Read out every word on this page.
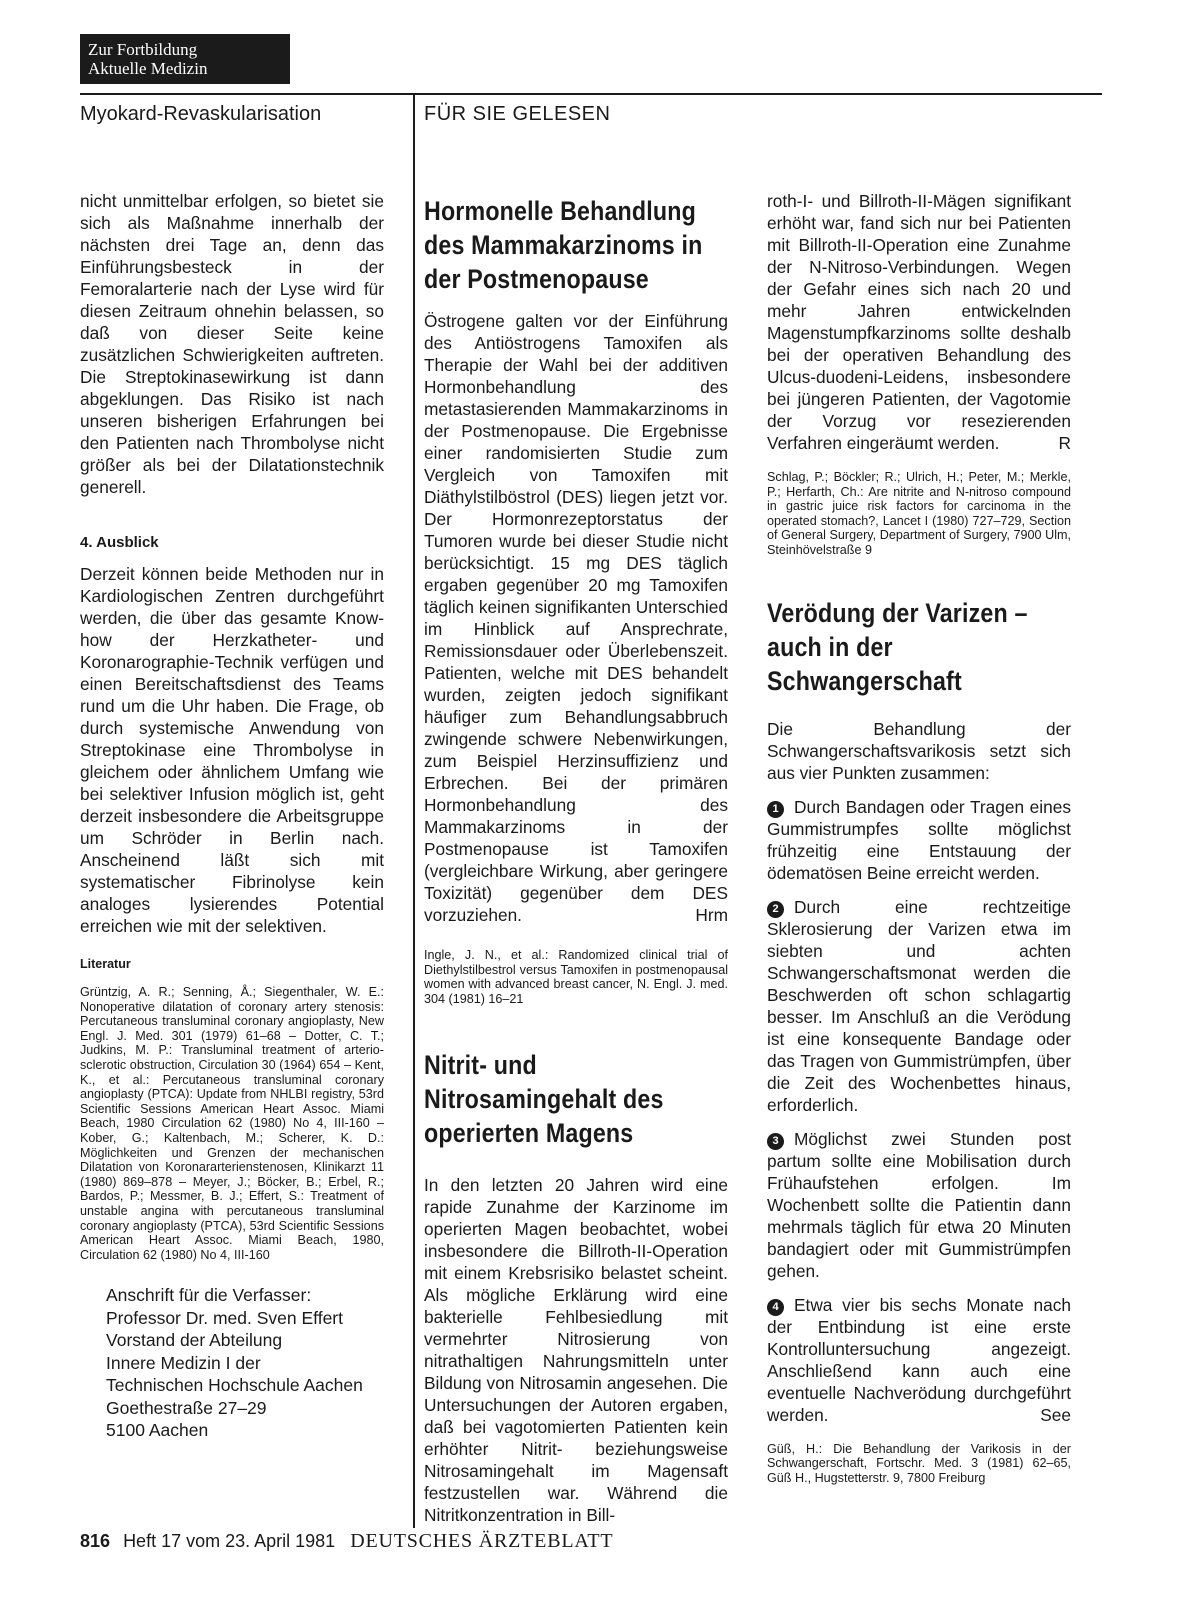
Zur Fortbildung
Aktuelle Medizin
Myokard-Revaskularisation	FÜR SIE GELESEN

nicht unmittelbar erfolgen, so bietet sie sich als Maßnahme innerhalb der nächsten drei Tage an, denn das Einführungsbesteck in der Femoralarterie nach der Lyse wird für diesen Zeitraum ohnehin belassen, so daß von dieser Seite keine zusätzlichen Schwierigkeiten auftreten. Die Streptokinasewirkung ist dann abgeklungen. Das Risiko ist nach unseren bisherigen Erfahrungen bei den Patienten nach Thrombolyse nicht größer als bei der Dilatationstechnik generell.

4. Ausblick

Derzeit können beide Methoden nur in Kardiologischen Zentren durchgeführt werden, die über das gesamte Know-how der Herzkatheter- und Koronarographie-Technik verfügen und einen Bereitschaftsdienst des Teams rund um die Uhr haben. Die Frage, ob durch systemische Anwendung von Streptokinase eine Thrombolyse in gleichem oder ähnlichem Umfang wie bei selektiver Infusion möglich ist, geht derzeit insbesondere die Arbeitsgruppe um Schröder in Berlin nach. Anscheinend läßt sich mit systematischer Fibrinolyse kein analoges lysierendes Potential erreichen wie mit der selektiven.

Literatur

Grüntzig, A. R.; Senning, Å.; Siegenthaler, W. E.: Nonoperative dilatation of coronary artery stenosis: Percutaneous transluminal coronary angioplasty, New Engl. J. Med. 301 (1979) 61–68 – Dotter, C. T.; Judkins, M. P.: Transluminal treatment of arterio-sclerotic obstruction, Circulation 30 (1964) 654 – Kent, K., et al.: Percutaneous transluminal coronary angioplasty (PTCA): Update from NHLBI registry, 53rd Scientific Sessions American Heart Assoc. Miami Beach, 1980 Circulation 62 (1980) No 4, III-160 – Kober, G.; Kaltenbach, M.; Scherer, K. D.: Möglichkeiten und Grenzen der mechanischen Dilatation von Koronararterienstenosen, Klinikarzt 11 (1980) 869–878 – Meyer, J.; Böcker, B.; Erbel, R.; Bardos, P.; Messmer, B. J.; Effert, S.: Treatment of unstable angina with percutaneous transluminal coronary angioplasty (PTCA), 53rd Scientific Sessions American Heart Assoc. Miami Beach, 1980, Circulation 62 (1980) No 4, III-160

Anschrift für die Verfasser:

Professor Dr. med. Sven Effert

Vorstand der Abteilung

Innere Medizin I der

Technischen Hochschule Aachen

Goethestraße 27–29

5100 Aachen

Hormonelle Behandlung

des Mammakarzinoms in

der Postmenopause

Östrogene galten vor der Einführung des Antiöstrogens Tamoxifen als Therapie der Wahl bei der additiven Hormonbehandlung des metastasierenden Mammakarzinoms in der Postmenopause. Die Ergebnisse einer randomisierten Studie zum Vergleich von Tamoxifen mit Diäthylstilböstrol (DES) liegen jetzt vor. Der Hormonrezeptorstatus der Tumoren wurde bei dieser Studie nicht berücksichtigt. 15 mg DES täglich ergaben gegenüber 20 mg Tamoxifen täglich keinen signifikanten Unterschied im Hinblick auf Ansprechrate, Remissionsdauer oder Überlebenszeit. Patienten, welche mit DES behandelt wurden, zeigten jedoch signifikant häufiger zum Behandlungsabbruch zwingende schwere Nebenwirkungen, zum Beispiel Herzinsuffizienz und Erbrechen. Bei der primären Hormonbehandlung des Mammakarzinoms in der Postmenopause ist Tamoxifen (vergleichbare Wirkung, aber geringere Toxizität) gegenüber dem DES vorzuziehen.	Hrm

Ingle, J. N., et al.: Randomized clinical trial of Diethylstilbestrol versus Tamoxifen in postmenopausal women with advanced breast cancer, N. Engl. J. med. 304 (1981) 16–21

Nitrit- und

Nitrosamingehalt des

operierten Magens

In den letzten 20 Jahren wird eine rapide Zunahme der Karzinome im operierten Magen beobachtet, wobei insbesondere die Billroth-II-Operation mit einem Krebsrisiko belastet scheint. Als mögliche Erklärung wird eine bakterielle Fehlbesiedlung mit vermehrter Nitrosierung von nitrathaltigen Nahrungsmitteln unter Bildung von Nitrosamin angesehen. Die Untersuchungen der Autoren ergaben, daß bei vagotomierten Patienten kein erhöhter Nitrit- beziehungsweise Nitrosamingehalt im Magensaft festzustellen war. Während die Nitritkonzentration in Bill-

roth-I- und Billroth-II-Mägen signifikant erhöht war, fand sich nur bei Patienten mit Billroth-II-Operation eine Zunahme der N-Nitroso-Verbindungen. Wegen der Gefahr eines sich nach 20 und mehr Jahren entwickelnden Magenstumpfkarzinoms sollte deshalb bei der operativen Behandlung des Ulcus-duodeni-Leidens, insbesondere bei jüngeren Patienten, der Vagotomie der Vorzug vor resezierenden Verfahren eingeräumt werden.	R

Schlag, P.; Böckler; R.; Ulrich, H.; Peter, M.; Merkle, P.; Herfarth, Ch.: Are nitrite and N-nitroso compound in gastric juice risk factors for carcinoma in the operated stomach?, Lancet I (1980) 727–729, Section of General Surgery, Department of Surgery, 7900 Ulm, Steinhövelstraße 9

Verödung der Varizen –

auch in der

Schwangerschaft

Die Behandlung der Schwangerschaftsvarikosis setzt sich aus vier Punkten zusammen:

1 Durch Bandagen oder Tragen eines Gummistrumpfes sollte möglichst frühzeitig eine Entstauung der ödematösen Beine erreicht werden.

2 Durch eine rechtzeitige Sklerosierung der Varizen etwa im siebten und achten Schwangerschaftsmonat werden die Beschwerden oft schon schlagartig besser. Im Anschluß an die Verödung ist eine konsequente Bandage oder das Tragen von Gummistrümpfen, über die Zeit des Wochenbettes hinaus, erforderlich.

3 Möglichst zwei Stunden post partum sollte eine Mobilisation durch Frühaufstehen erfolgen. Im Wochenbett sollte die Patientin dann mehrmals täglich für etwa 20 Minuten bandagiert oder mit Gummistrümpfen gehen.

4 Etwa vier bis sechs Monate nach der Entbindung ist eine erste Kontrolluntersuchung angezeigt. Anschließend kann auch eine eventuelle Nachverödung durchgeführt werden.	See

Güß, H.: Die Behandlung der Varikosis in der Schwangerschaft, Fortschr. Med. 3 (1981) 62–65, Güß H., Hugstetterstr. 9, 7800 Freiburg

816 Heft 17 vom 23. April 1981 DEUTSCHES ÄRZTEBLATT
